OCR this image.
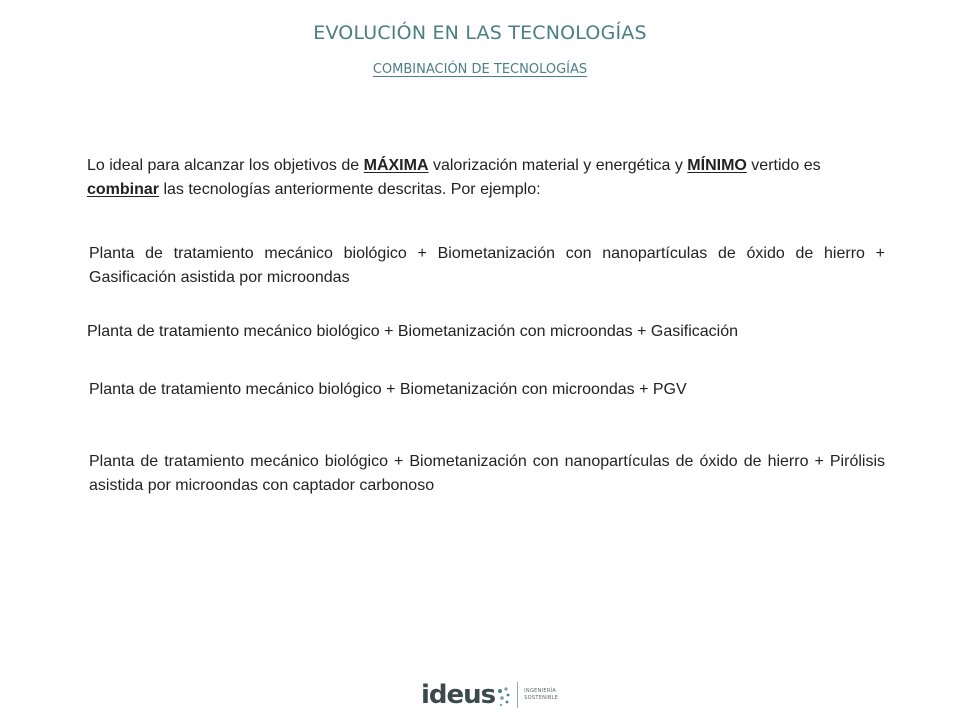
EVOLUCIÓN EN LAS TECNOLOGÍAS
COMBINACIÓN DE TECNOLOGÍAS
Lo ideal para alcanzar los objetivos de MÁXIMA valorización material y energética y MÍNIMO vertido es combinar las tecnologías anteriormente descritas. Por ejemplo:
Planta de tratamiento mecánico biológico + Biometanización con nanopartículas de óxido de hierro + Gasificación asistida por microondas
Planta de tratamiento mecánico biológico + Biometanización con microondas + Gasificación
Planta de tratamiento mecánico biológico + Biometanización con microondas + PGV
Planta de tratamiento mecánico biológico + Biometanización con nanopartículas de óxido de hierro + Pirólisis asistida por microondas con captador carbonoso
ideus	INGENIERÍA
SOSTENIBLE
